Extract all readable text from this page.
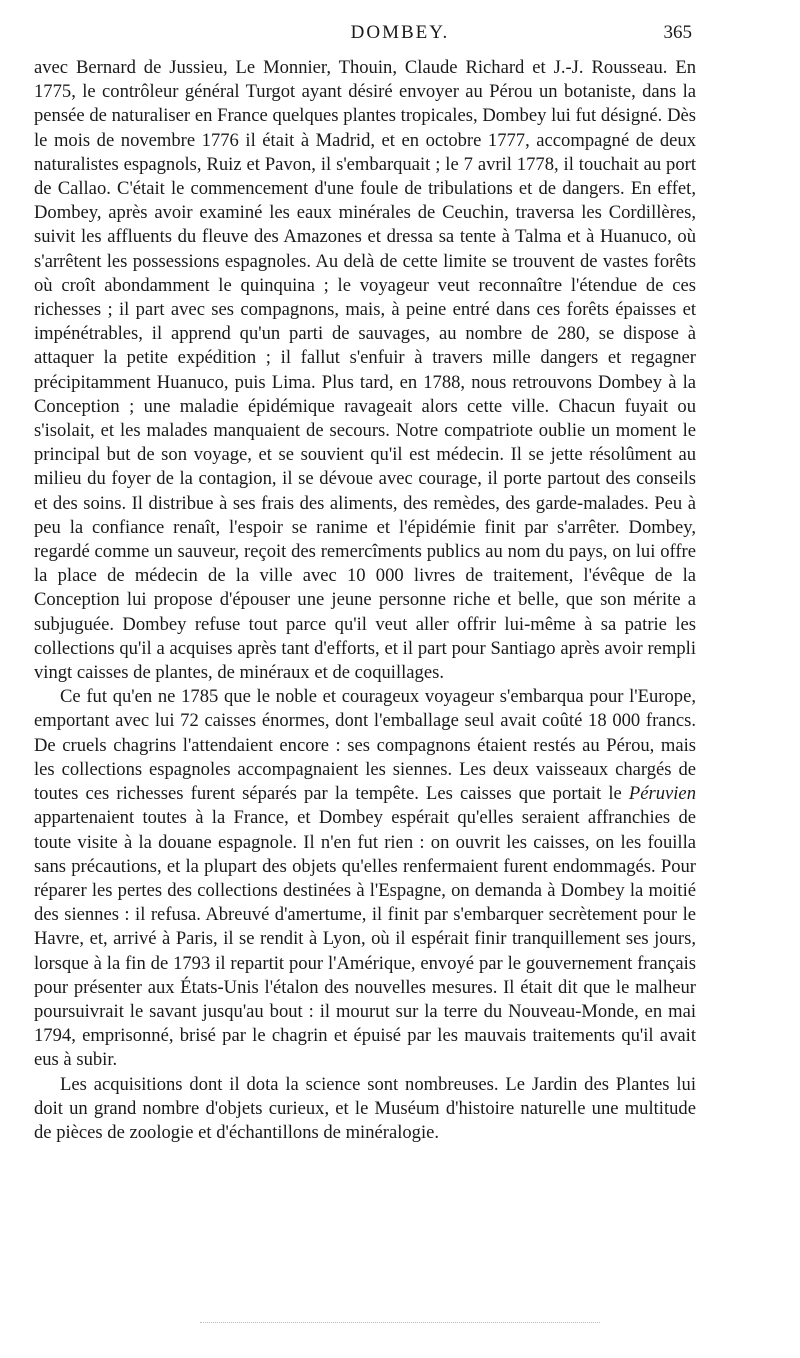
DOMBEY.	365

avec Bernard de Jussieu, Le Monnier, Thouin, Claude Richard et J.-J. Rousseau. En 1775, le contrôleur général Turgot ayant désiré envoyer au Pérou un botaniste, dans la pensée de naturaliser en France quelques plantes tropicales, Dombey lui fut désigné. Dès le mois de novembre 1776 il était à Madrid, et en octobre 1777, accompagné de deux naturalistes espagnols, Ruiz et Pavon, il s'embarquait ; le 7 avril 1778, il touchait au port de Callao. C'était le commencement d'une foule de tribulations et de dangers. En effet, Dombey, après avoir examiné les eaux minérales de Ceuchin, traversa les Cordillères, suivit les affluents du fleuve des Amazones et dressa sa tente à Talma et à Huanuco, où s'arrêtent les possessions espagnoles. Au delà de cette limite se trouvent de vastes forêts où croît abondamment le quinquina ; le voyageur veut reconnaître l'étendue de ces richesses ; il part avec ses compagnons, mais, à peine entré dans ces forêts épaisses et impénétrables, il apprend qu'un parti de sauvages, au nombre de 280, se dispose à attaquer la petite expédition ; il fallut s'enfuir à travers mille dangers et regagner précipitamment Huanuco, puis Lima. Plus tard, en 1788, nous retrouvons Dombey à la Conception ; une maladie épidémique ravageait alors cette ville. Chacun fuyait ou s'isolait, et les malades manquaient de secours. Notre compatriote oublie un moment le principal but de son voyage, et se souvient qu'il est médecin. Il se jette résolûment au milieu du foyer de la contagion, il se dévoue avec courage, il porte partout des conseils et des soins. Il distribue à ses frais des aliments, des remèdes, des garde-malades. Peu à peu la confiance renaît, l'espoir se ranime et l'épidémie finit par s'arrêter. Dombey, regardé comme un sauveur, reçoit des remercîments publics au nom du pays, on lui offre la place de médecin de la ville avec 10 000 livres de traitement, l'évêque de la Conception lui propose d'épouser une jeune personne riche et belle, que son mérite a subjuguée. Dombey refuse tout parce qu'il veut aller offrir lui-même à sa patrie les collections qu'il a acquises après tant d'efforts, et il part pour Santiago après avoir rempli vingt caisses de plantes, de minéraux et de coquillages.

Ce fut qu'en ne 1785 que le noble et courageux voyageur s'embarqua pour l'Europe, emportant avec lui 72 caisses énormes, dont l'emballage seul avait coûté 18 000 francs. De cruels chagrins l'attendaient encore : ses compagnons étaient restés au Pérou, mais les collections espagnoles accompagnaient les siennes. Les deux vaisseaux chargés de toutes ces richesses furent séparés par la tempête. Les caisses que portait le Péruvien appartenaient toutes à la France, et Dombey espérait qu'elles seraient affranchies de toute visite à la douane espagnole. Il n'en fut rien : on ouvrit les caisses, on les fouilla sans précautions, et la plupart des objets qu'elles renfermaient furent endommagés. Pour réparer les pertes des collections destinées à l'Espagne, on demanda à Dombey la moitié des siennes : il refusa. Abreuvé d'amertume, il finit par s'embarquer secrètement pour le Havre, et, arrivé à Paris, il se rendit à Lyon, où il espérait finir tranquillement ses jours, lorsque à la fin de 1793 il repartit pour l'Amérique, envoyé par le gouvernement français pour présenter aux États-Unis l'étalon des nouvelles mesures. Il était dit que le malheur poursuivrait le savant jusqu'au bout : il mourut sur la terre du Nouveau-Monde, en mai 1794, emprisonné, brisé par le chagrin et épuisé par les mauvais traitements qu'il avait eus à subir.

Les acquisitions dont il dota la science sont nombreuses. Le Jardin des Plantes lui doit un grand nombre d'objets curieux, et le Muséum d'histoire naturelle une multitude de pièces de zoologie et d'échantillons de minéralogie.
